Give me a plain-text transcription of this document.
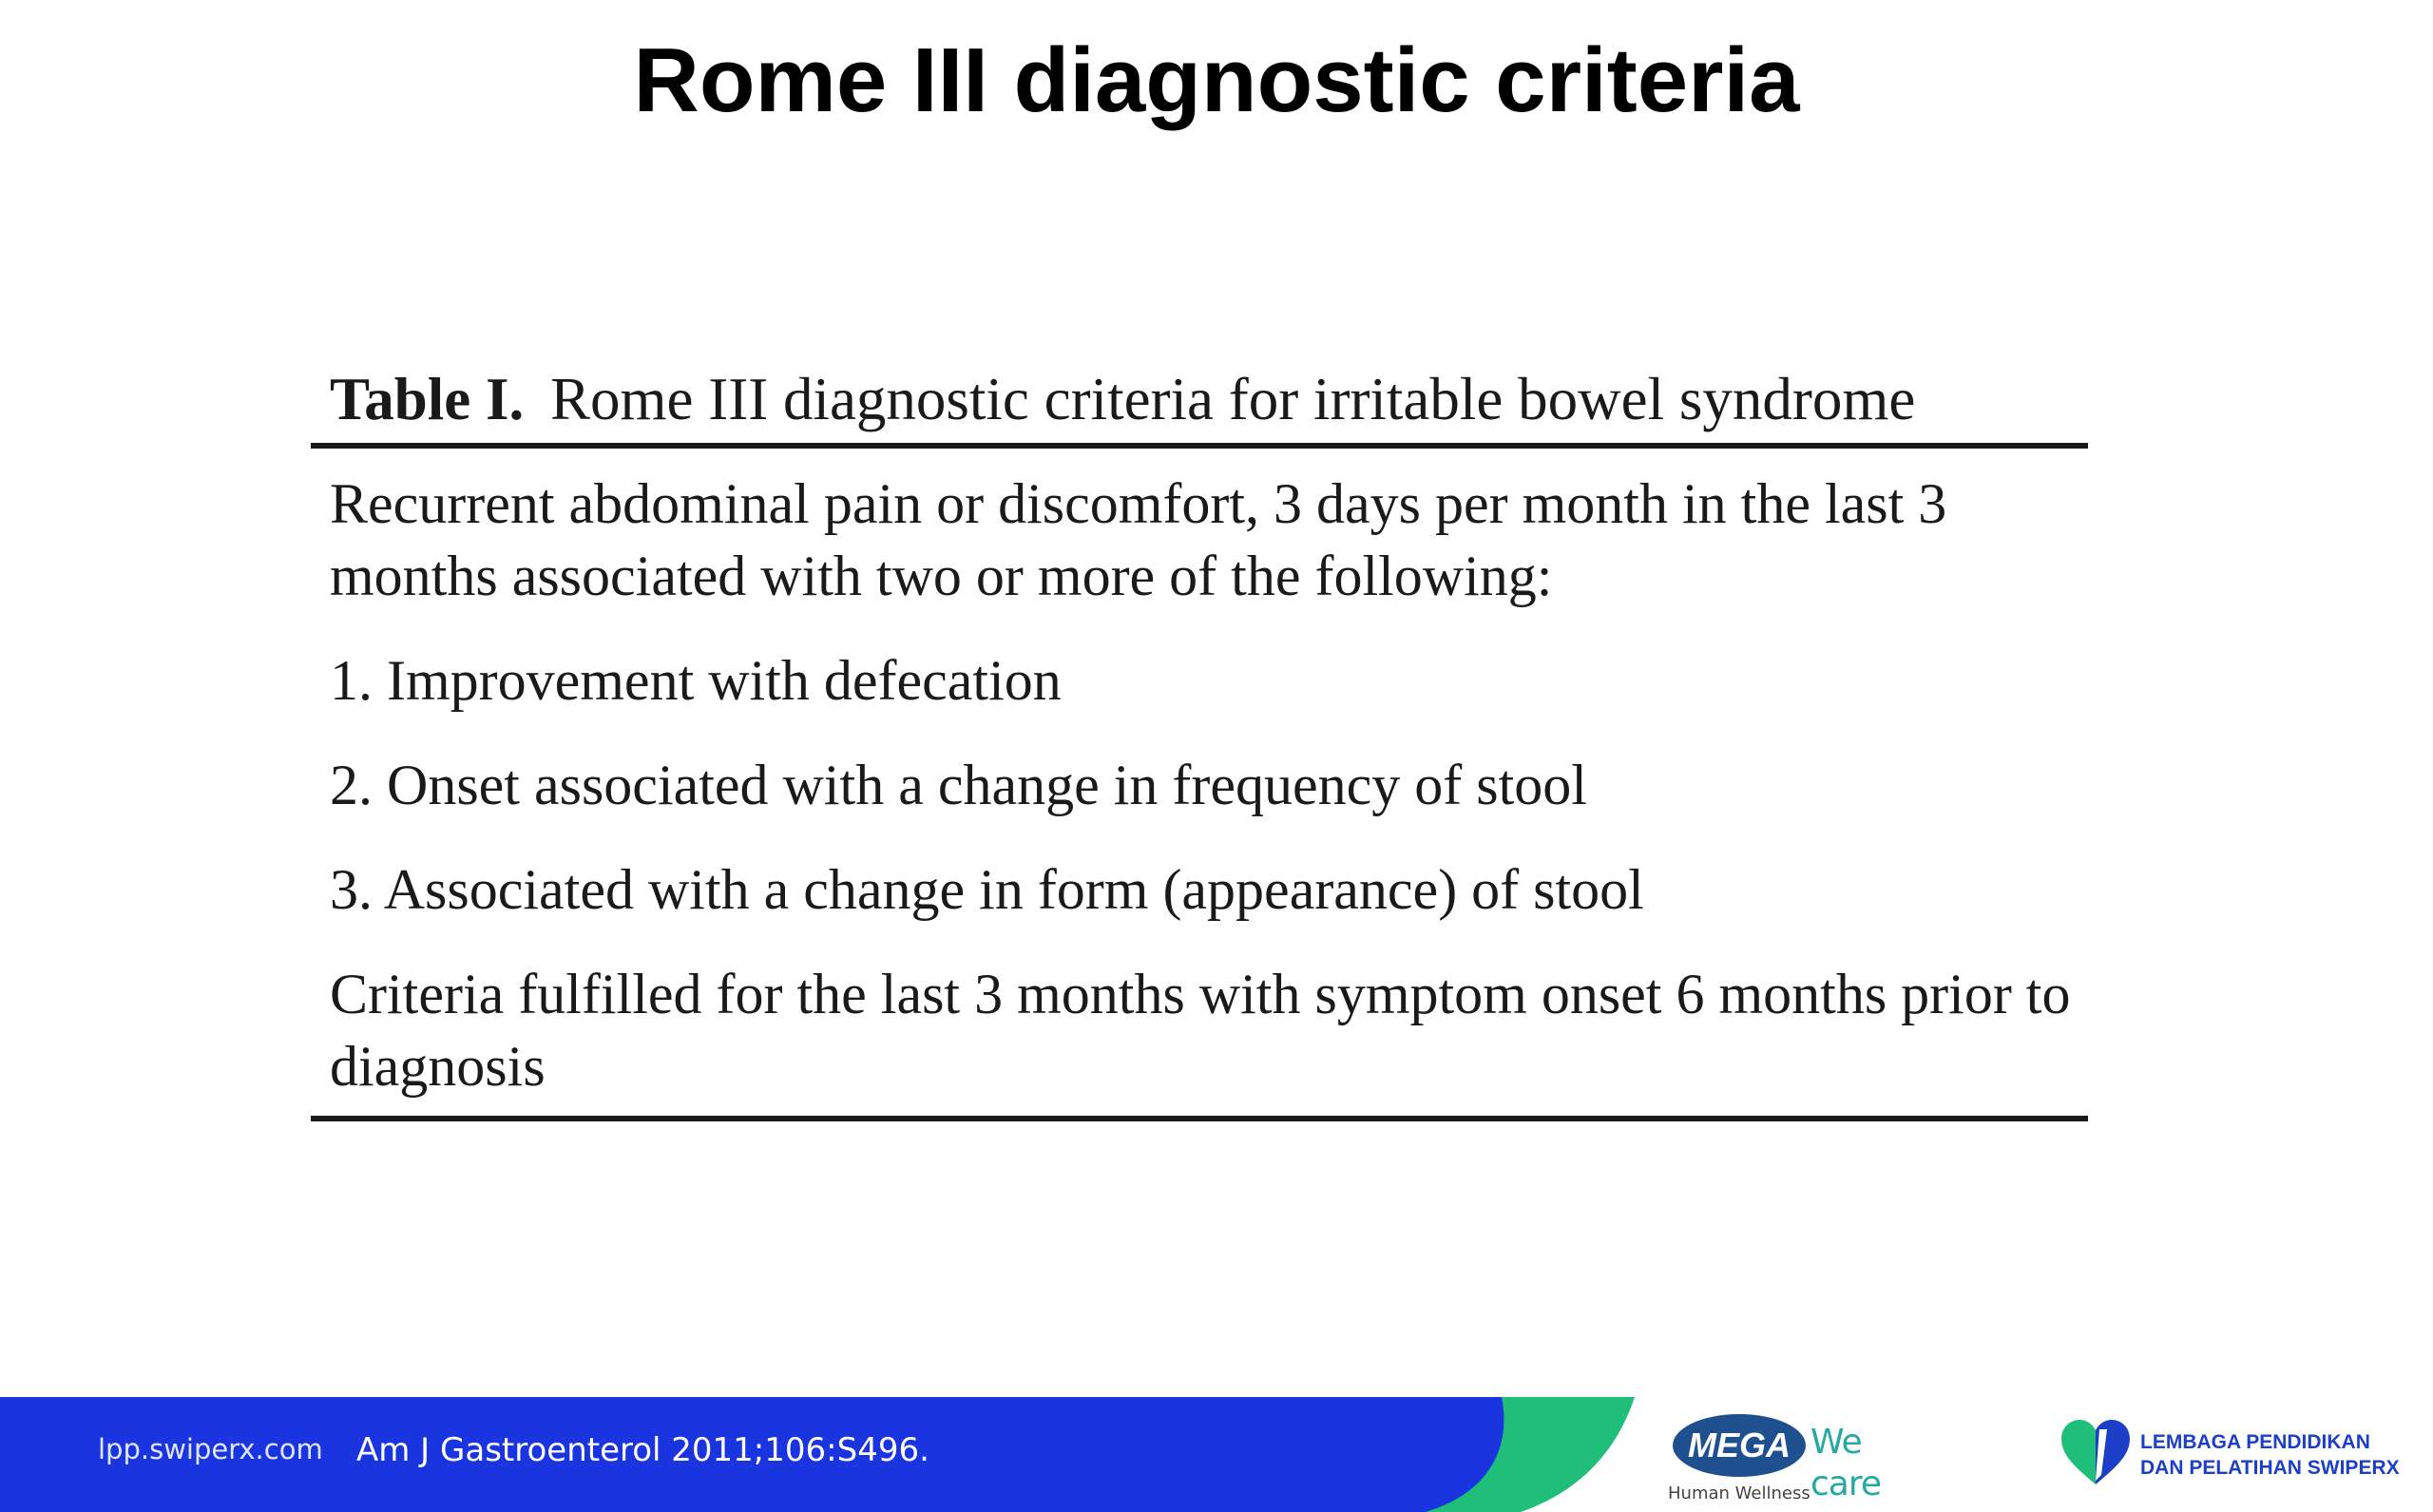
Rome III diagnostic criteria
Table I. Rome III diagnostic criteria for irritable bowel syndrome
Recurrent abdominal pain or discomfort, 3 days per month in the last 3 months associated with two or more of the following:
1. Improvement with defecation
2. Onset associated with a change in frequency of stool
3. Associated with a change in form (appearance) of stool
Criteria fulfilled for the last 3 months with symptom onset 6 months prior to diagnosis
lpp.swiperx.com Am J Gastroenterol 2011;106:S496.	MEGA We care
Human Wellness
LEMBAGA PENDIDIKAN
DAN PELATIHAN SWIPERX
